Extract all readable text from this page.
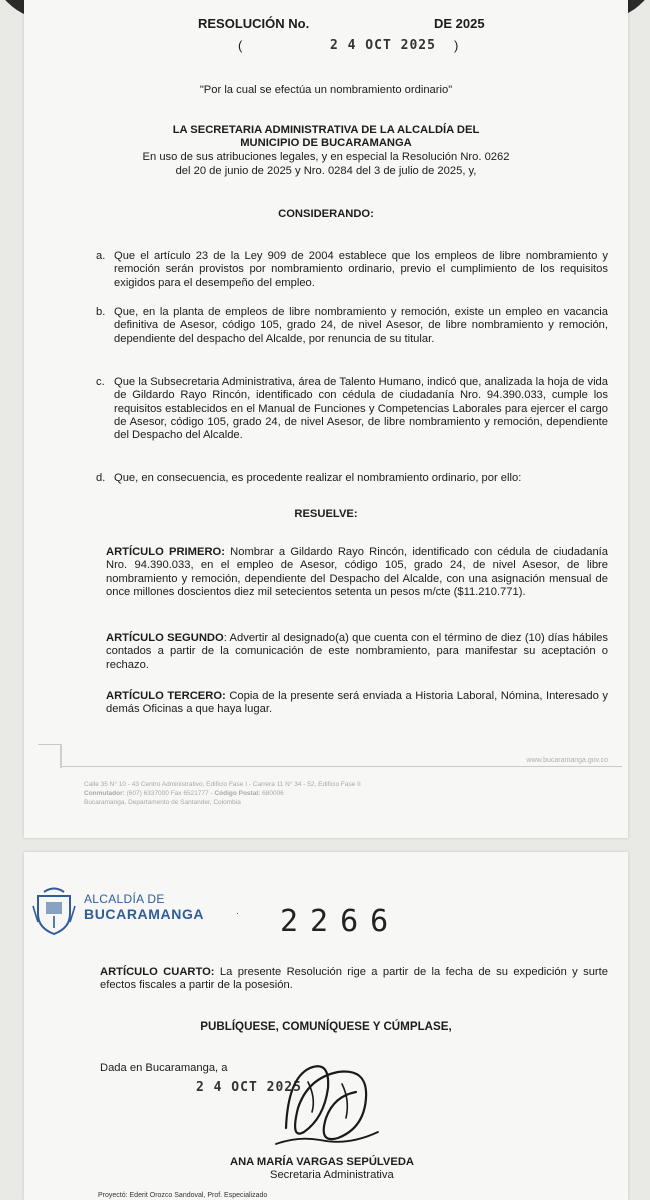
RESOLUCIÓN No.	DE 2025
(	2 4 OCT 2025 )
"Por la cual se efectúa un nombramiento ordinario"
LA SECRETARIA ADMINISTRATIVA DE LA ALCALDÍA DEL
MUNICIPIO DE BUCARAMANGA
En uso de sus atribuciones legales, y en especial la Resolución Nro. 0262
del 20 de junio de 2025 y Nro. 0284 del 3 de julio de 2025, y,
CONSIDERANDO:
a. Que el artículo 23 de la Ley 909 de 2004 establece que los empleos de libre nombramiento y remoción serán provistos por nombramiento ordinario, previo el cumplimiento de los requisitos exigidos para el desempeño del empleo.
b. Que, en la planta de empleos de libre nombramiento y remoción, existe un empleo en vacancia definitiva de Asesor, código 105, grado 24, de nivel Asesor, de libre nombramiento y remoción, dependiente del despacho del Alcalde, por renuncia de su titular.
c. Que la Subsecretaria Administrativa, área de Talento Humano, indicó que, analizada la hoja de vida de Gildardo Rayo Rincón, identificado con cédula de ciudadanía Nro. 94.390.033, cumple los requisitos establecidos en el Manual de Funciones y Competencias Laborales para ejercer el cargo de Asesor, código 105, grado 24, de nivel Asesor, de libre nombramiento y remoción, dependiente del Despacho del Alcalde.
d. Que, en consecuencia, es procedente realizar el nombramiento ordinario, por ello:
RESUELVE:
ARTÍCULO PRIMERO: Nombrar a Gildardo Rayo Rincón, identificado con cédula de ciudadanía Nro. 94.390.033, en el empleo de Asesor, código 105, grado 24, de nivel Asesor, de libre nombramiento y remoción, dependiente del Despacho del Alcalde, con una asignación mensual de once millones doscientos diez mil setecientos setenta un pesos m/cte ($11.210.771).
ARTÍCULO SEGUNDO: Advertir al designado(a) que cuenta con el término de diez (10) días hábiles contados a partir de la comunicación de este nombramiento, para manifestar su aceptación o rechazo.
ARTÍCULO TERCERO: Copia de la presente será enviada a Historia Laboral, Nómina, Interesado y demás Oficinas a que haya lugar.
www.bucaramanga.gov.co
Calle 35 N° 10 - 43 Centro Administrativo, Edificio Fase I - Carrera 11 N° 34 - 52, Edificio Fase II
Conmutador: (607) 6337000 Fax 6521777 - Código Postal: 680006
Bucaramanga, Departamento de Santander, Colombia
ALCALDÍA DE
BUCARAMANGA	· 2266
ARTÍCULO CUARTO: La presente Resolución rige a partir de la fecha de su expedición y surte efectos fiscales a partir de la posesión.
PUBLÍQUESE, COMUNÍQUESE Y CÚMPLASE,
Dada en Bucaramanga, a
2 4 OCT 2025
ANA MARÍA VARGAS SEPÚLVEDA
Secretaria Administrativa
Proyectó: Ederit Orozco Sandoval, Prof. Especializado
